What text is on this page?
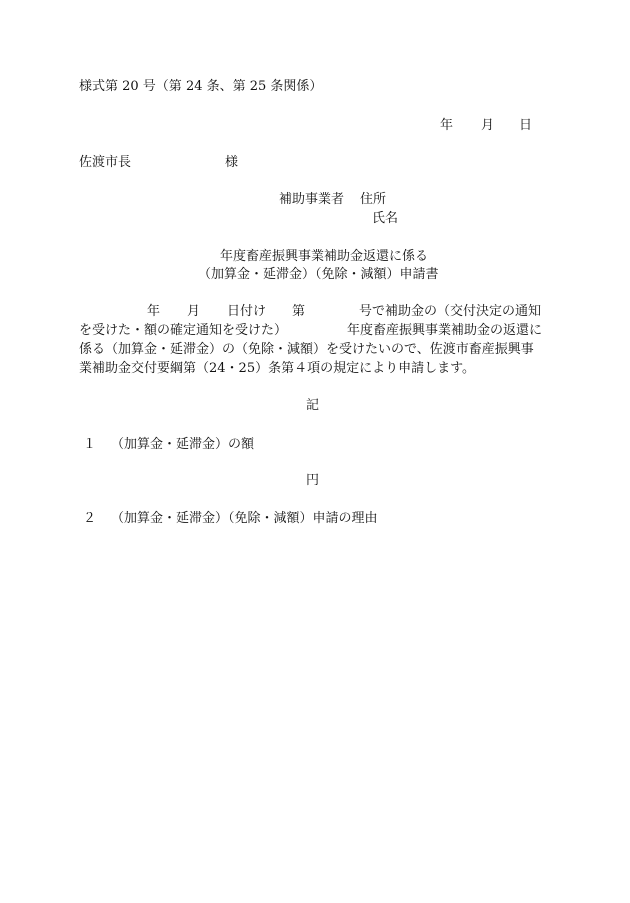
様式第 20 号（第 24 条、第 25 条関係）
年 月 日
佐渡市長	様
補助事業者 住所
氏名
年度畜産振興事業補助金返還に係る
（加算金・延滞金）（免除・減額）申請書
年 月 日付け 第	号で補助金の（交付決定の通知
を受けた・額の確定通知を受けた）	年度畜産振興事業補助金の返還に
係る（加算金・延滞金）の（免除・減額）を受けたいので、佐渡市畜産振興事
業補助金交付要綱第（24・25）条第４項の規定により申請します。
記
１ （加算金・延滞金）の額
円
２ （加算金・延滞金）（免除・減額）申請の理由
